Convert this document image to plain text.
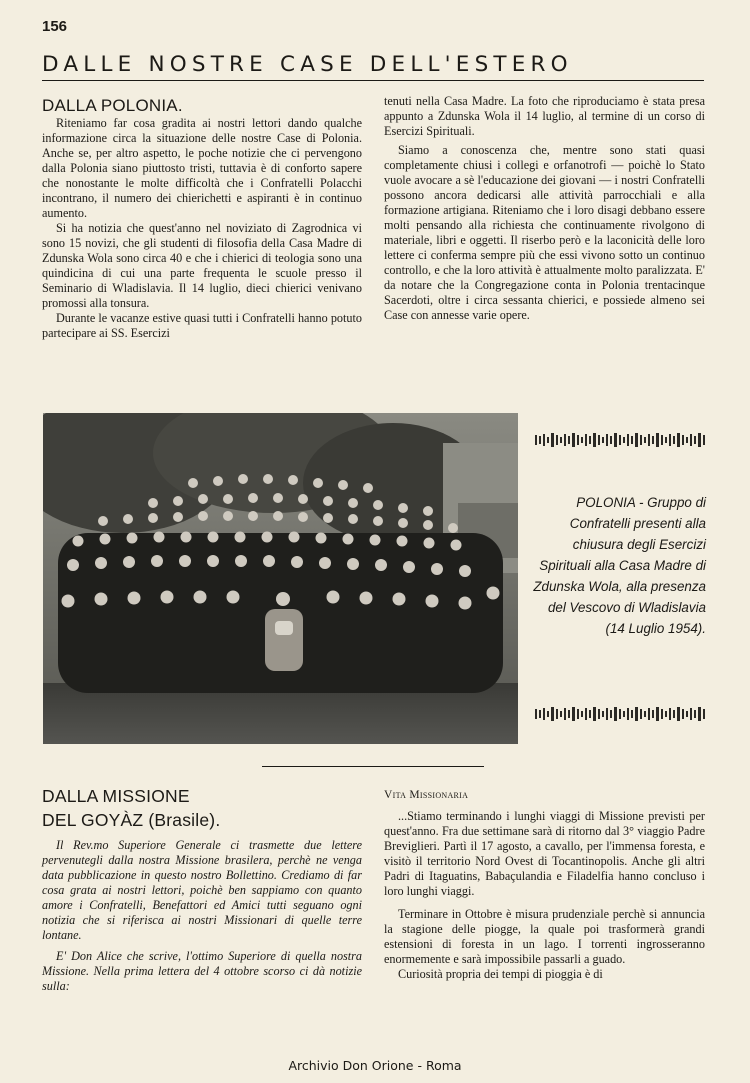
156
DALLE NOSTRE CASE DELL'ESTERO
DALLA POLONIA.

Riteniamo far cosa gradita ai nostri lettori dando qualche informazione circa la situazione delle nostre Case di Polonia. Anche se, per altro aspetto, le poche notizie che ci pervengono dalla Polonia siano piuttosto tristi, tuttavia è di conforto sapere che nonostante le molte difficoltà che i Confratelli Polacchi incontrano, il numero dei chierichetti e aspiranti è in continuo aumento.

Si ha notizia che quest'anno nel noviziato di Zagrodnica vi sono 15 novizi, che gli studenti di filosofia della Casa Madre di Zdunska Wola sono circa 40 e che i chierici di teologia sono una quindicina di cui una parte frequenta le scuole presso il Seminario di Wladislavia. Il 14 luglio, dieci chierici venivano promossi alla tonsura.

Durante le vacanze estive quasi tutti i Confratelli hanno potuto partecipare ai SS. Esercizi

tenuti nella Casa Madre. La foto che riproduciamo è stata presa appunto a Zdunska Wola il 14 luglio, al termine di un corso di Esercizi Spirituali.

Siamo a conoscenza che, mentre sono stati quasi completamente chiusi i collegi e orfanotrofi — poichè lo Stato vuole avocare a sè l'educazione dei giovani — i nostri Confratelli possono ancora dedicarsi alle attività parrocchiali e alla formazione artigiana. Riteniamo che i loro disagi debbano essere molti pensando alla richiesta che continuamente rivolgono di materiale, libri e oggetti. Il riserbo però e la laconicità delle loro lettere ci conferma sempre più che essi vivono sotto un continuo controllo, e che la loro attività è attualmente molto paralizzata. E' da notare che la Congregazione conta in Polonia trentacinque Sacerdoti, oltre i circa sessanta chierici, e possiede almeno sei Case con annesse varie opere.

POLONIA - Gruppo di Confratelli presenti alla chiusura degli Esercizi Spirituali alla Casa Madre di Zdunska Wola, alla presenza del Vescovo di Wladislavia (14 Luglio 1954).
DALLA MISSIONE
DEL GOYÀZ (Brasile).

Il Rev.mo Superiore Generale ci trasmette due lettere pervenutegli dalla nostra Missione brasilera, perchè ne venga data pubblicazione in questo nostro Bollettino. Crediamo di far cosa grata ai nostri lettori, poichè ben sappiamo con quanto amore i Confratelli, Benefattori ed Amici tutti seguano ogni notizia che si riferisca ai nostri Missionari di quelle terre lontane.

E' Don Alice che scrive, l'ottimo Superiore di quella nostra Missione. Nella prima lettera del 4 ottobre scorso ci dà notizie sulla:

Vita Missionaria

...Stiamo terminando i lunghi viaggi di Missione previsti per quest'anno. Fra due settimane sarà di ritorno dal 3° viaggio Padre Breviglieri. Partì il 17 agosto, a cavallo, per l'immensa foresta, e visitò il territorio Nord Ovest di Tocantinopolis. Anche gli altri Padri di Itaguatins, Babaçulandia e Filadelfia hanno concluso i loro lunghi viaggi.

Terminare in Ottobre è misura prudenziale perchè si annuncia la stagione delle piogge, la quale poi trasformerà grandi estensioni di foresta in un lago. I torrenti ingrosseranno enormemente e sarà impossibile passarli a guado.

Curiosità propria dei tempi di pioggia è di

Archivio Don Orione - Roma
